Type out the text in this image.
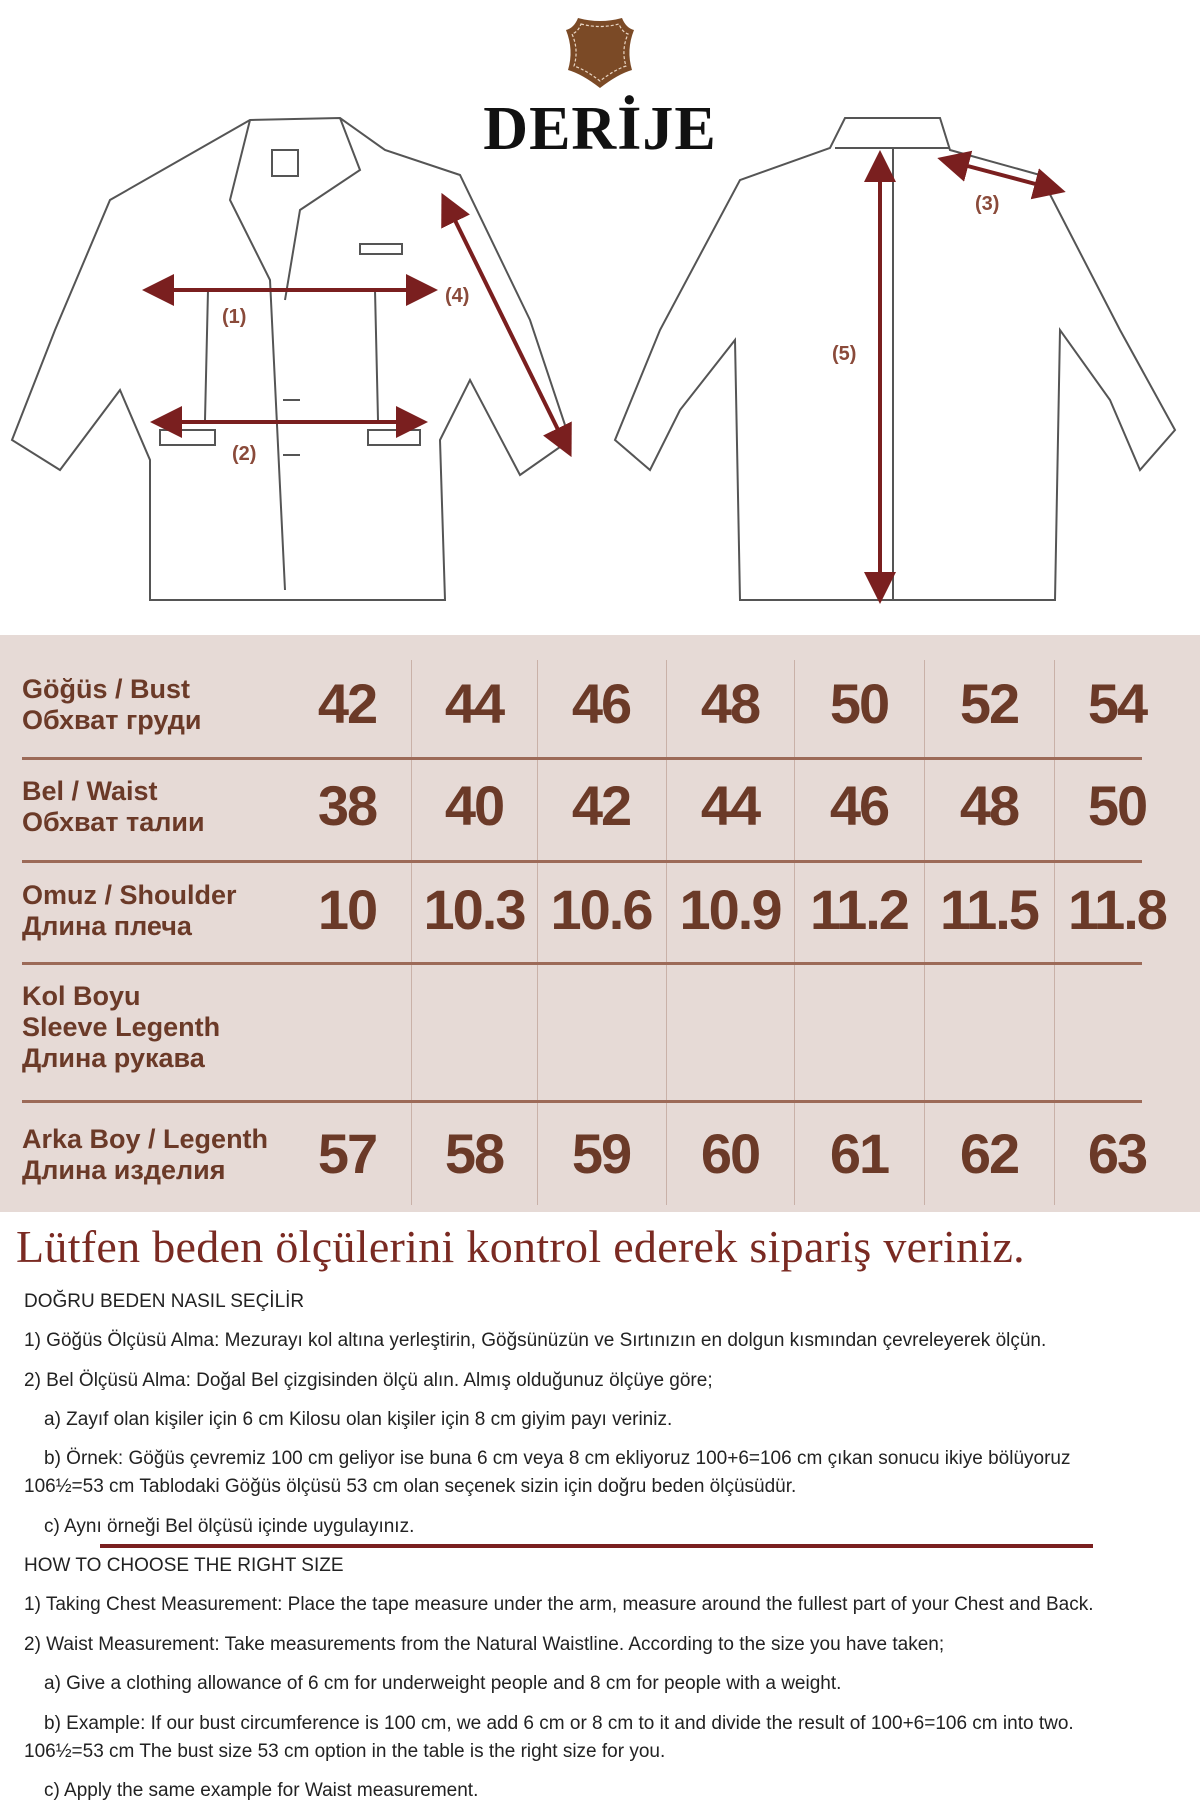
(1)
(2)
(3)
(4)
(5)
DERİJE
Göğüs / Bust
Обхват груди	42	44	46	48	50	52	54
Bel / Waist
Обхват талии	38	40	42	44	46	48	50
Omuz / Shoulder
Длина плеча	10 10.3 10.6 10.9 11.2 11.5 11.8
Kol Boyu
Sleeve Legenth
Длина рукава
Arka Boy / Legenth
Длина изделия	57	58	59	60	61	62	63
Lütfen beden ölçülerini kontrol ederek sipariş veriniz.
DOĞRU BEDEN NASIL SEÇİLİR
1) Göğüs Ölçüsü Alma: Mezurayı kol altına yerleştirin, Göğsünüzün ve Sırtınızın en dolgun kısmından çevreleyerek ölçün.
2) Bel Ölçüsü Alma: Doğal Bel çizgisinden ölçü alın. Almış olduğunuz ölçüye göre;
a) Zayıf olan kişiler için 6 cm Kilosu olan kişiler için 8 cm giyim payı veriniz.
b) Örnek: Göğüs çevremiz 100 cm geliyor ise buna 6 cm veya 8 cm ekliyoruz 100+6=106 cm çıkan sonucu ikiye bölüyoruz
106½=53 cm Tablodaki Göğüs ölçüsü 53 cm olan seçenek sizin için doğru beden ölçüsüdür.
c) Aynı örneği Bel ölçüsü içinde uygulayınız.
HOW TO CHOOSE THE RIGHT SIZE
1) Taking Chest Measurement: Place the tape measure under the arm, measure around the fullest part of your Chest and Back.
2) Waist Measurement: Take measurements from the Natural Waistline. According to the size you have taken;
a) Give a clothing allowance of 6 cm for underweight people and 8 cm for people with a weight.
b) Example: If our bust circumference is 100 cm, we add 6 cm or 8 cm to it and divide the result of 100+6=106 cm into two.
106½=53 cm The bust size 53 cm option in the table is the right size for you.
c) Apply the same example for Waist measurement.
